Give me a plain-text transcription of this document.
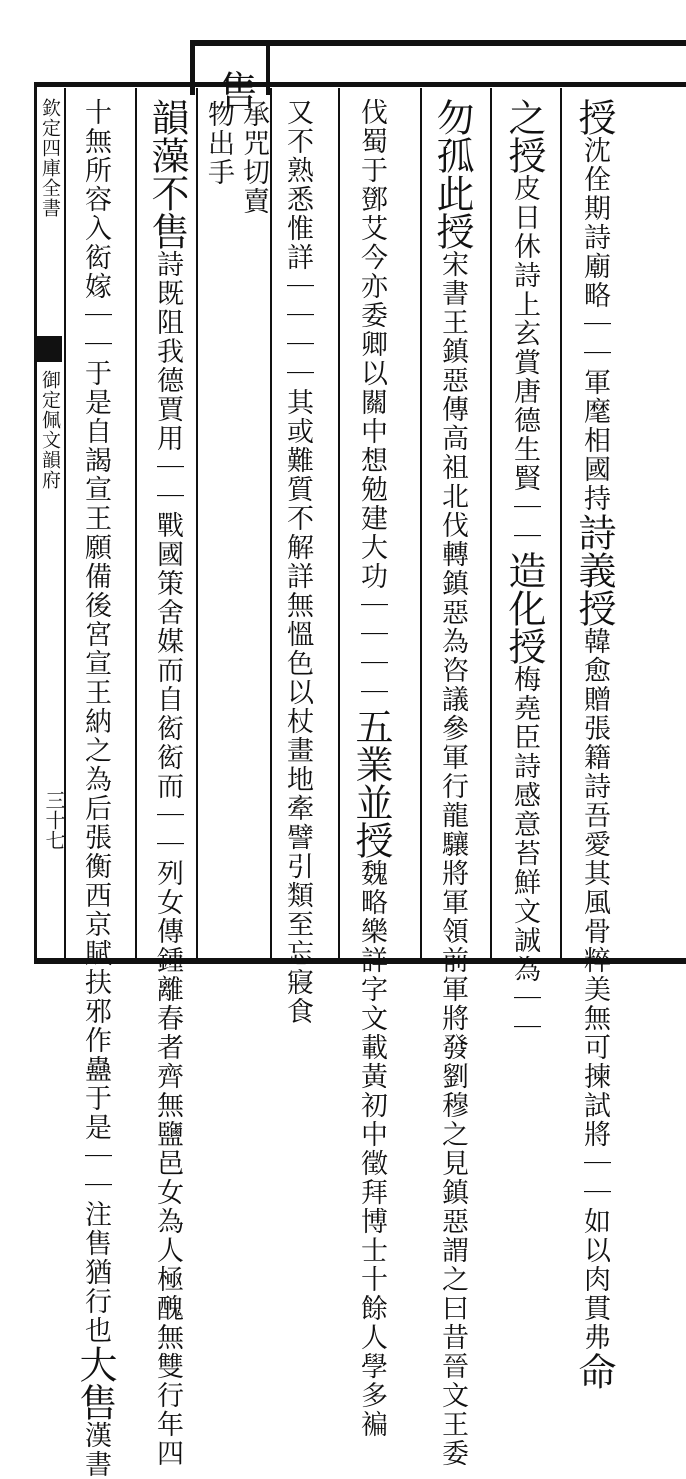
售
欽定四庫全書
御定佩文韻府
三十七
授沈佺期詩廟略｜｜軍麾相國持詩義授韓愈贈張籍詩吾愛其風骨粹美無可揀試將｜｜如以肉貫弗命
之授皮日休詩上玄賞唐德生賢｜｜造化授梅堯臣詩感意苔鮮文誠為｜｜
勿孤此授宋書王鎮惡傳高祖北伐轉鎮惡為咨議參軍行龍驤將軍領前軍將發劉穆之見鎮惡謂之曰昔晉文王委
伐蜀于鄧艾今亦委卿以關中想勉建大功｜｜｜｜五業並授魏略樂詳字文載黃初中徵拜博士十餘人學多褊
又不熟悉惟詳｜｜｜｜其或難質不解詳無慍色以杖畫地牽譬引類至忘寢食
承咒切賣
物出手
韻藻不售詩既阻我德賈用｜｜戰國策舍媒而自衒衒而｜｜列女傳鍾離春者齊無鹽邑女為人極醜無雙行年四
十無所容入衒嫁｜｜于是自謁宣王願備後宮宣王納之為后張衡西京賦扶邪作蠱于是｜｜注售猶行也大售漢書
